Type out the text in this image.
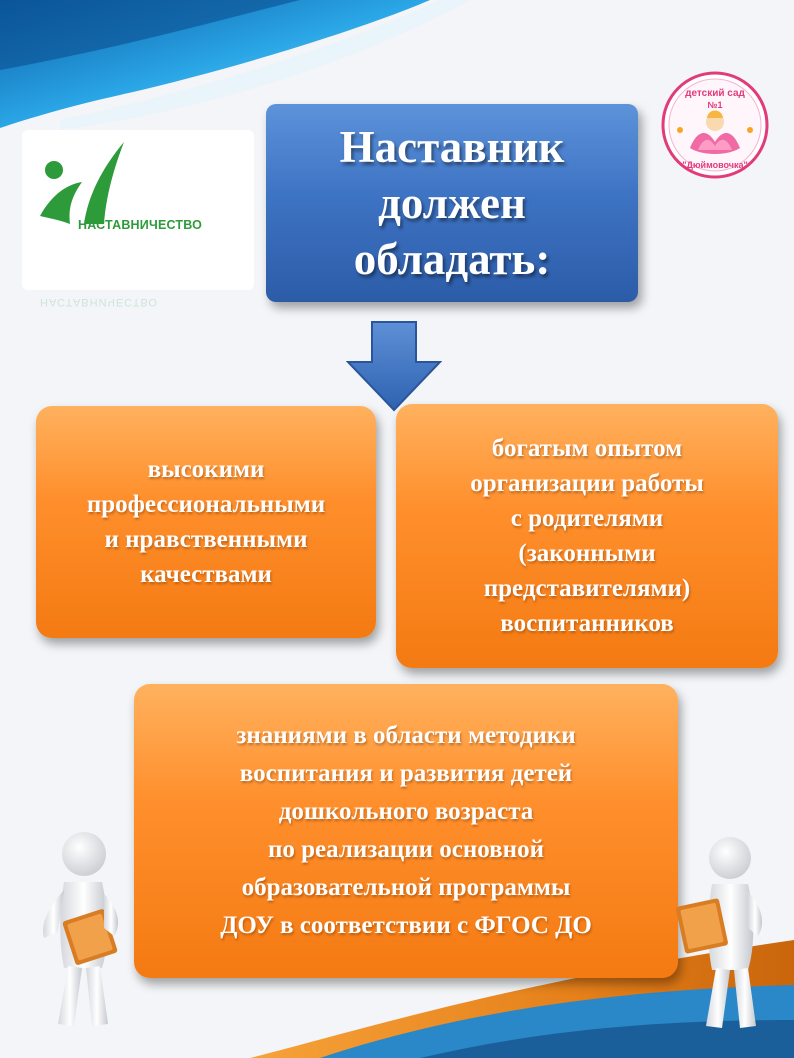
НАСТАВНИЧЕСТВО
НАСТАВНИЧЕСТВО
детский сад
№1
"Дюймовочка"
Наставник
должен
обладать:
высокими
профессиональными
и нравственными
качествами
богатым опытом
организации работы
с родителями
(законными
представителями)
воспитанников
знаниями в области методики
воспитания и развития детей
дошкольного возраста
по реализации основной
образовательной программы
ДОУ в соответствии с ФГОС ДО
